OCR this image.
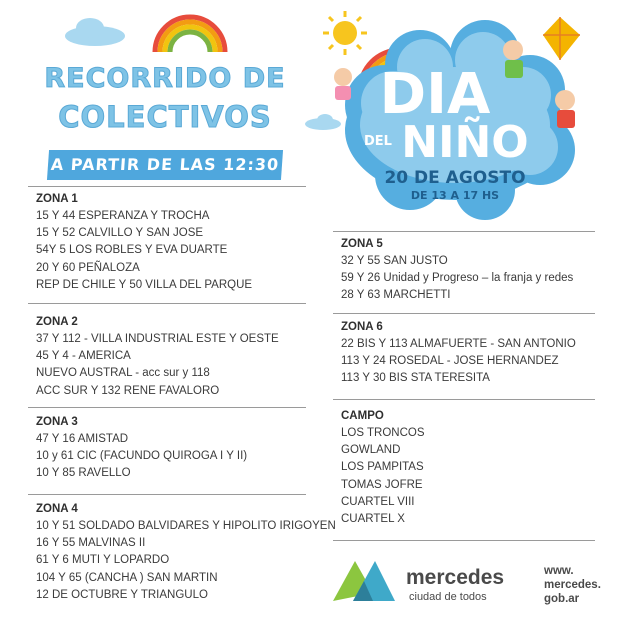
RECORRIDO DE
COLECTIVOS
A PARTIR DE LAS 12:30
DIA
DEL NIÑO
20 DE AGOSTO
DE 13 A 17 HS
ZONA 1
15 Y 44 ESPERANZA Y TROCHA
15 Y 52 CALVILLO Y SAN JOSE
54Y 5 LOS ROBLES Y EVA DUARTE
20 Y 60 PEÑALOZA
REP DE CHILE Y 50 VILLA DEL PARQUE
ZONA 2
37 Y 112 - VILLA INDUSTRIAL ESTE Y OESTE
45 Y 4 - AMERICA
NUEVO AUSTRAL - acc sur y 118
ACC SUR Y 132 RENE FAVALORO
ZONA 3
47 Y 16 AMISTAD
10 y 61 CIC (FACUNDO QUIROGA I Y II)
10 Y 85 RAVELLO
ZONA 4
10 Y 51 SOLDADO BALVIDARES Y HIPOLITO IRIGOYEN
16 Y 55 MALVINAS II
61 Y 6 MUTI Y LOPARDO
104 Y 65 (CANCHA ) SAN MARTIN
12 DE OCTUBRE Y TRIANGULO
ZONA 5
32 Y 55 SAN JUSTO
59 Y 26 Unidad y Progreso – la franja y redes
28 Y 63 MARCHETTI
ZONA 6
22 BIS Y 113 ALMAFUERTE - SAN ANTONIO
113 Y 24 ROSEDAL - JOSE HERNANDEZ
113 Y 30 BIS STA TERESITA
CAMPO
LOS TRONCOS
GOWLAND
LOS PAMPITAS
TOMAS JOFRE
CUARTEL VIII
CUARTEL X
mercedes
ciudad de todos
www.
mercedes.
gob.ar
